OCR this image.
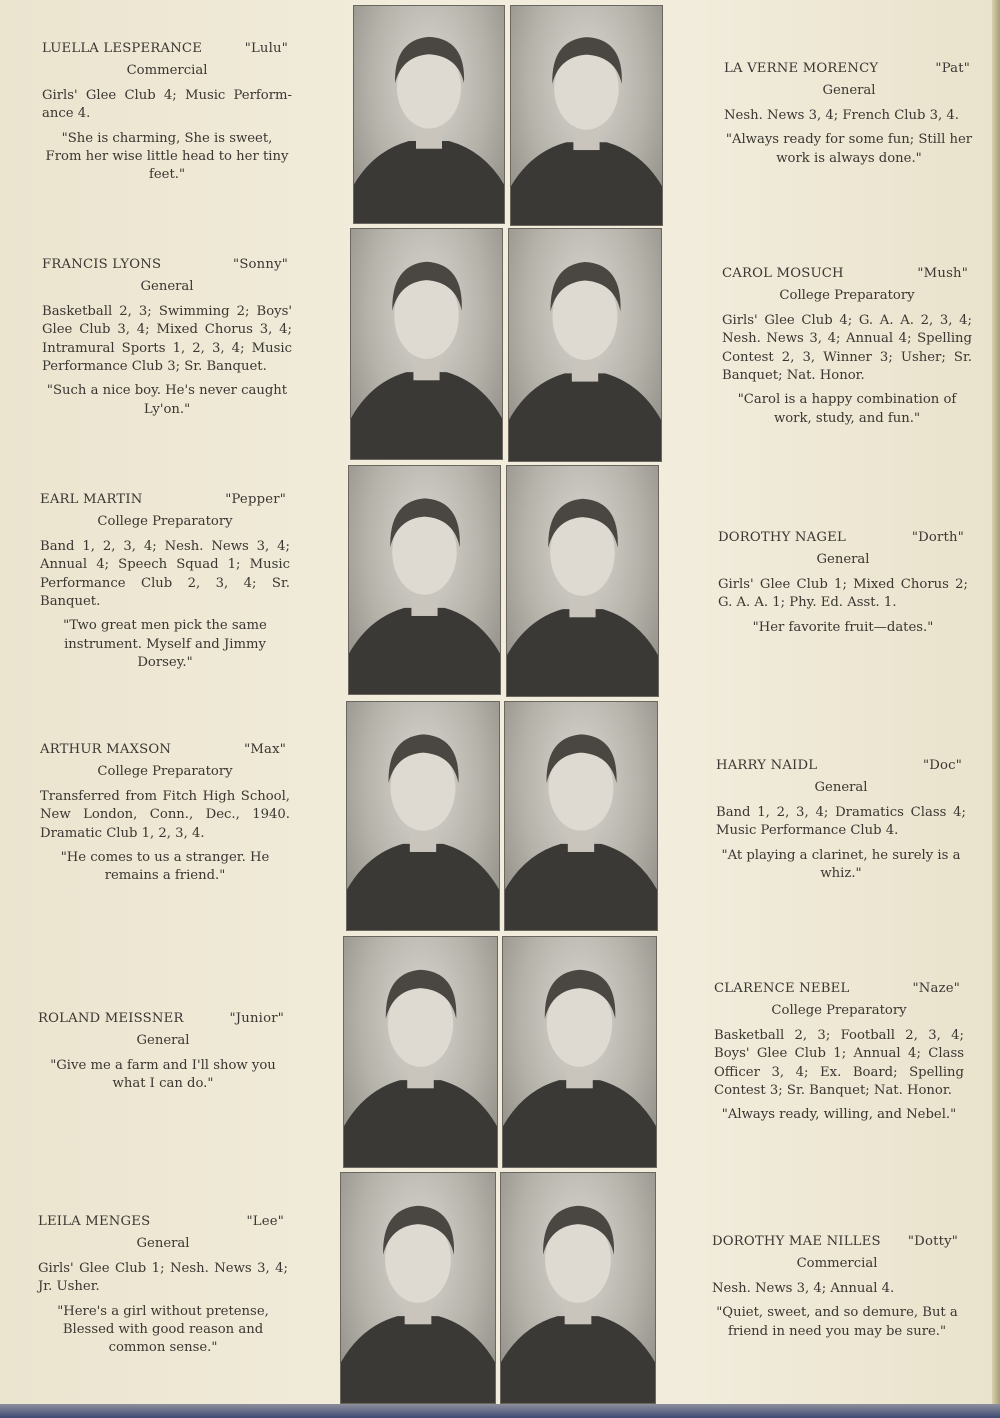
LUELLA LESPERANCE	"Lulu"
Commercial
Girls' Glee Club 4; Music Perform- ance 4.
"She is charming, She is sweet, From her wise little head to her tiny feet."
FRANCIS LYONS	"Sonny"
General
Basketball 2, 3; Swimming 2; Boys' Glee Club 3, 4; Mixed Chorus 3, 4; Intramural Sports 1, 2, 3, 4; Music Performance Club 3; Sr. Banquet.
"Such a nice boy. He's never caught Ly'on."
EARL MARTIN	"Pepper"
College Preparatory
Band 1, 2, 3, 4; Nesh. News 3, 4; Annual 4; Speech Squad 1; Music Performance Club 2, 3, 4; Sr. Banquet.
"Two great men pick the same instrument. Myself and Jimmy Dorsey."
ARTHUR MAXSON	"Max"
College Preparatory
Transferred from Fitch High School, New London, Conn., Dec., 1940. Dramatic Club 1, 2, 3, 4.
"He comes to us a stranger. He remains a friend."
ROLAND MEISSNER	"Junior"
General
"Give me a farm and I'll show you what I can do."
LEILA MENGES	"Lee"
General
Girls' Glee Club 1; Nesh. News 3, 4; Jr. Usher.
"Here's a girl without pretense, Blessed with good reason and common sense."
LA VERNE MORENCY	"Pat"
General
Nesh. News 3, 4; French Club 3, 4.
"Always ready for some fun; Still her work is always done."
CAROL MOSUCH	"Mush"
College Preparatory
Girls' Glee Club 4; G. A. A. 2, 3, 4; Nesh. News 3, 4; Annual 4; Spelling Contest 2, 3, Winner 3; Usher; Sr. Banquet; Nat. Honor.
"Carol is a happy combination of work, study, and fun."
DOROTHY NAGEL	"Dorth"
General
Girls' Glee Club 1; Mixed Chorus 2; G. A. A. 1; Phy. Ed. Asst. 1.
"Her favorite fruit—dates."
HARRY NAIDL	"Doc"
General
Band 1, 2, 3, 4; Dramatics Class 4; Music Performance Club 4.
"At playing a clarinet, he surely is a whiz."
CLARENCE NEBEL	"Naze"
College Preparatory
Basketball 2, 3; Football 2, 3, 4; Boys' Glee Club 1; Annual 4; Class Officer 3, 4; Ex. Board; Spelling Contest 3; Sr. Banquet; Nat. Honor.
"Always ready, willing, and Nebel."
DOROTHY MAE NILLES "Dotty"
Commercial
Nesh. News 3, 4; Annual 4.
"Quiet, sweet, and so demure, But a friend in need you may be sure."
